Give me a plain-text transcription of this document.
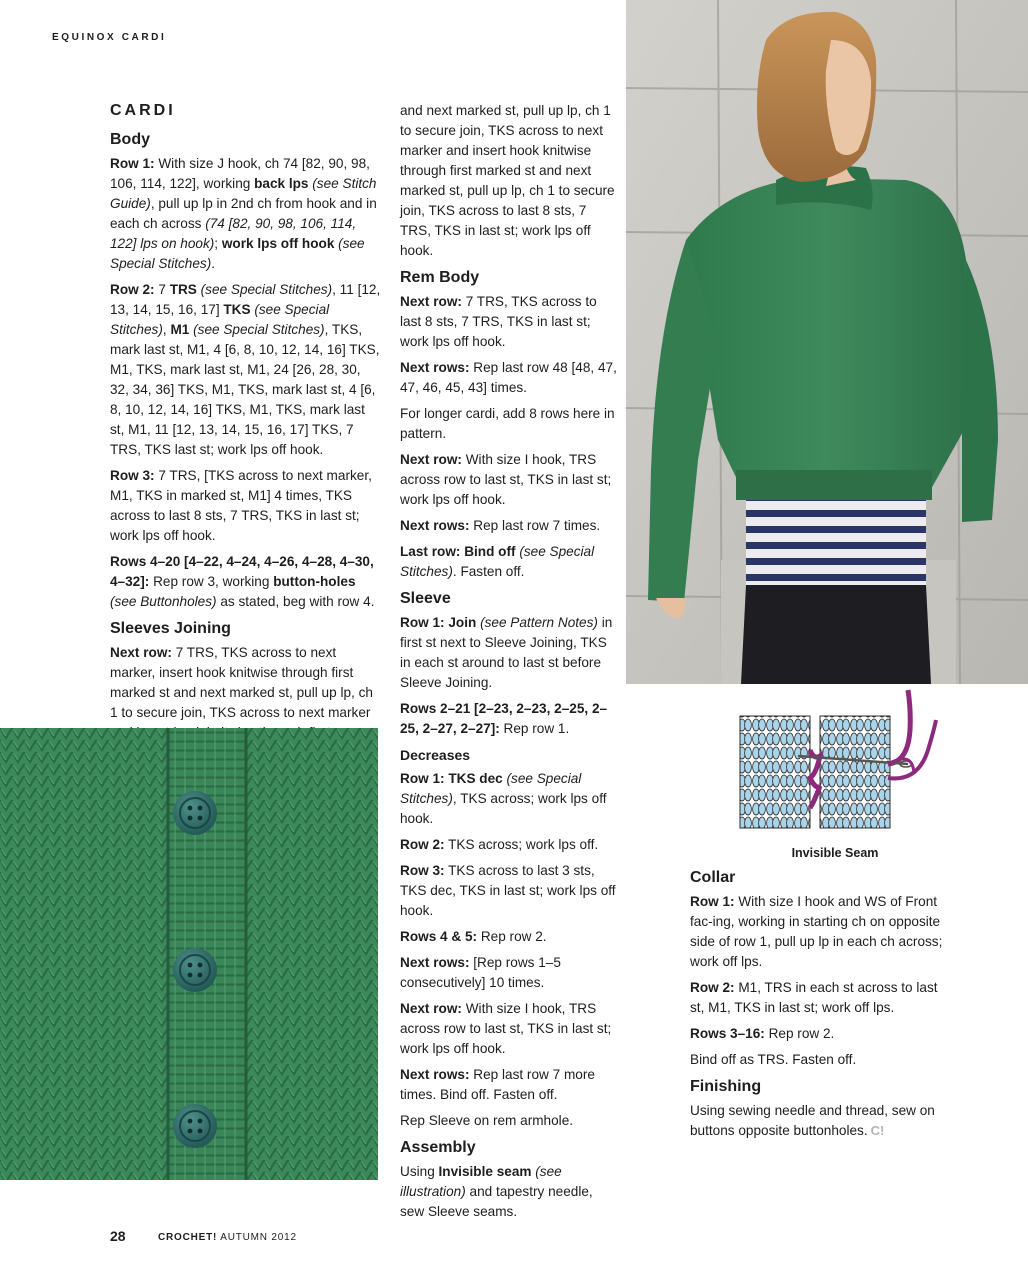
EQUINOX CARDI
CARDI
Body

Row 1: With size J hook, ch 74 [82, 90, 98, 106, 114, 122], working back lps (see Stitch Guide), pull up lp in 2nd ch from hook and in each ch across (74 [82, 90, 98, 106, 114, 122] lps on hook); work lps off hook (see Special Stitches).

Row 2: 7 TRS (see Special Stitches), 11 [12, 13, 14, 15, 16, 17] TKS (see Special Stitches), M1 (see Special Stitches), TKS, mark last st, M1, 4 [6, 8, 10, 12, 14, 16] TKS, M1, TKS, mark last st, M1, 24 [26, 28, 30, 32, 34, 36] TKS, M1, TKS, mark last st, 4 [6, 8, 10, 12, 14, 16] TKS, M1, TKS, mark last st, M1, 11 [12, 13, 14, 15, 16, 17] TKS, 7 TRS, TKS last st; work lps off hook.

Row 3: 7 TRS, [TKS across to next marker, M1, TKS in marked st, M1] 4 times, TKS across to last 8 sts, 7 TRS, TKS in last st; work lps off hook.

Rows 4–20 [4–22, 4–24, 4–26, 4–28, 4–30, 4–32]: Rep row 3, working button-holes (see Buttonholes) as stated, beg with row 4.

Sleeves Joining

Next row: 7 TRS, TKS across to next marker, insert hook knitwise through first marked st and next marked st, pull up lp, ch 1 to secure join, TKS across to next marker

and next marked st, pull up lp, ch 1 to secure join, TKS across to next marker and insert hook knitwise through first marked st and next marked st, pull up lp, ch 1 to secure join, TKS across to last 8 sts, 7 TRS, TKS in last st; work lps off hook.

Rem Body

Next row: 7 TRS, TKS across to last 8 sts, 7 TRS, TKS in last st; work lps off hook.

Next rows: Rep last row 48 [48, 47, 47, 46, 45, 43] times.

For longer cardi, add 8 rows here in pattern.

Next row: With size I hook, TRS across row to last st, TKS in last st; work lps off hook.

Next rows: Rep last row 7 times.

Last row: Bind off (see Special Stitches). Fasten off.

Sleeve

Row 1: Join (see Pattern Notes) in first st next to Sleeve Joining, TKS in each st around to last st before Sleeve Joining.

Rows 2–21 [2–23, 2–23, 2–25, 2–25, 2–27, 2–27]: Rep row 1.

Decreases

Row 1: TKS dec (see Special Stitches), TKS across; work lps off hook.

Row 2: TKS across; work lps off.

Row 3: TKS across to last 3 sts, TKS dec, TKS in last st; work lps off hook.

Rows 4 & 5: Rep row 2.

Next rows: [Rep rows 1–5 consecutively] 10 times.

Next row: With size I hook, TRS across row to last st, TKS in last st; work lps off hook.

Next rows: Rep last row 7 more times. Bind off. Fasten off.

Rep Sleeve on rem armhole.

Assembly

Using Invisible seam (see illustration) and tapestry needle, sew Sleeve seams.

Collar

Row 1: With size I hook and WS of Front fac-ing, working in starting ch on opposite side of row 1, pull up lp in each ch across; work off lps.

Row 2: M1, TRS in each st across to last st, M1, TKS in last st; work off lps.

Rows 3–16: Rep row 2.

Bind off as TRS. Fasten off.

Finishing

Using sewing needle and thread, sew on buttons opposite buttonholes. C!

Invisible Seam
28	CROCHET! AUTUMN 2012
